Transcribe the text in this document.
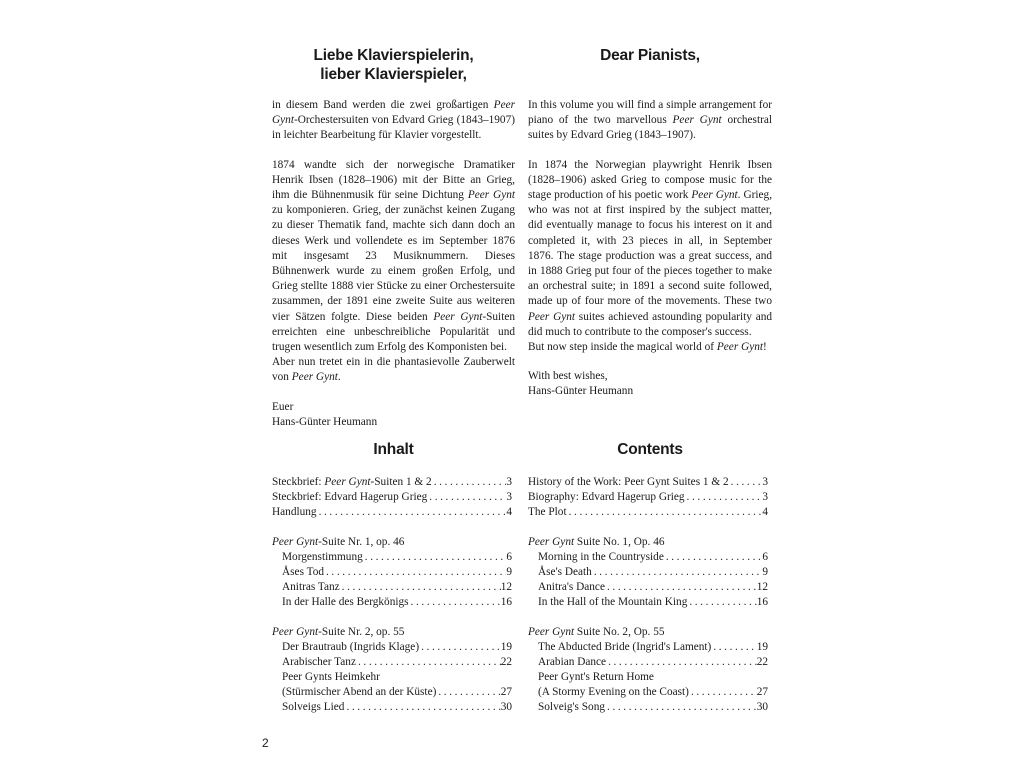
Liebe Klavierspielerin,
lieber Klavierspieler,

in diesem Band werden die zwei großartigen Peer Gynt-Orchestersuiten von Edvard Grieg (1843–1907) in leichter Bearbeitung für Klavier vorgestellt.

1874 wandte sich der norwegische Dramatiker Henrik Ibsen (1828–1906) mit der Bitte an Grieg, ihm die Bühnenmusik für seine Dichtung Peer Gynt zu komponieren. Grieg, der zunächst keinen Zugang zu dieser Thematik fand, machte sich dann doch an dieses Werk und vollendete es im September 1876 mit insgesamt 23 Musiknummern. Dieses Bühnenwerk wurde zu einem großen Erfolg, und Grieg stellte 1888 vier Stücke zu einer Orchestersuite zusammen, der 1891 eine zweite Suite aus weiteren vier Sätzen folgte. Diese beiden Peer Gynt-Suiten erreichten eine unbeschreibliche Popularität und trugen wesentlich zum Erfolg des Komponisten bei.

Aber nun tretet ein in die phantasievolle Zauberwelt von Peer Gynt.

Euer

Hans-Günter Heumann

Dear Pianists,

In this volume you will find a simple arrangement for piano of the two marvellous Peer Gynt orchestral suites by Edvard Grieg (1843–1907).

In 1874 the Norwegian playwright Henrik Ibsen (1828–1906) asked Grieg to compose music for the stage production of his poetic work Peer Gynt. Grieg, who was not at first inspired by the subject matter, did eventually manage to focus his interest on it and completed it, with 23 pieces in all, in September 1876. The stage production was a great success, and in 1888 Grieg put four of the pieces together to make an orchestral suite; in 1891 a second suite followed, made up of four more of the movements. These two Peer Gynt suites achieved astounding popularity and did much to contribute to the composer's success.

But now step inside the magical world of Peer Gynt!

With best wishes,

Hans-Günter Heumann

Inhalt
Steckbrief: Peer Gynt-Suiten 1 & 2 .....	3
Steckbrief: Edvard Hagerup Grieg .....	3
Handlung .....	4
Peer Gynt-Suite Nr. 1, op. 46
Morgenstimmung .....	6
Åses Tod .....	9
Anitras Tanz .....	12
In der Halle des Bergkönigs .....	16
Peer Gynt-Suite Nr. 2, op. 55
Der Brautraub (Ingrids Klage) .....	19
Arabischer Tanz .....	22
Peer Gynts Heimkehr
(Stürmischer Abend an der Küste) .....	27
Solveigs Lied .....	30
Contents
History of the Work: Peer Gynt Suites 1 & 2 .....	3
Biography: Edvard Hagerup Grieg .....	3
The Plot .....	4
Peer Gynt Suite No. 1, Op. 46
Morning in the Countryside .....	6
Åse's Death .....	9
Anitra's Dance .....	12
In the Hall of the Mountain King .....	16
Peer Gynt Suite No. 2, Op. 55
The Abducted Bride (Ingrid's Lament) .....	19
Arabian Dance .....	22
Peer Gynt's Return Home
(A Stormy Evening on the Coast) .....	27
Solveig's Song .....	30
2
